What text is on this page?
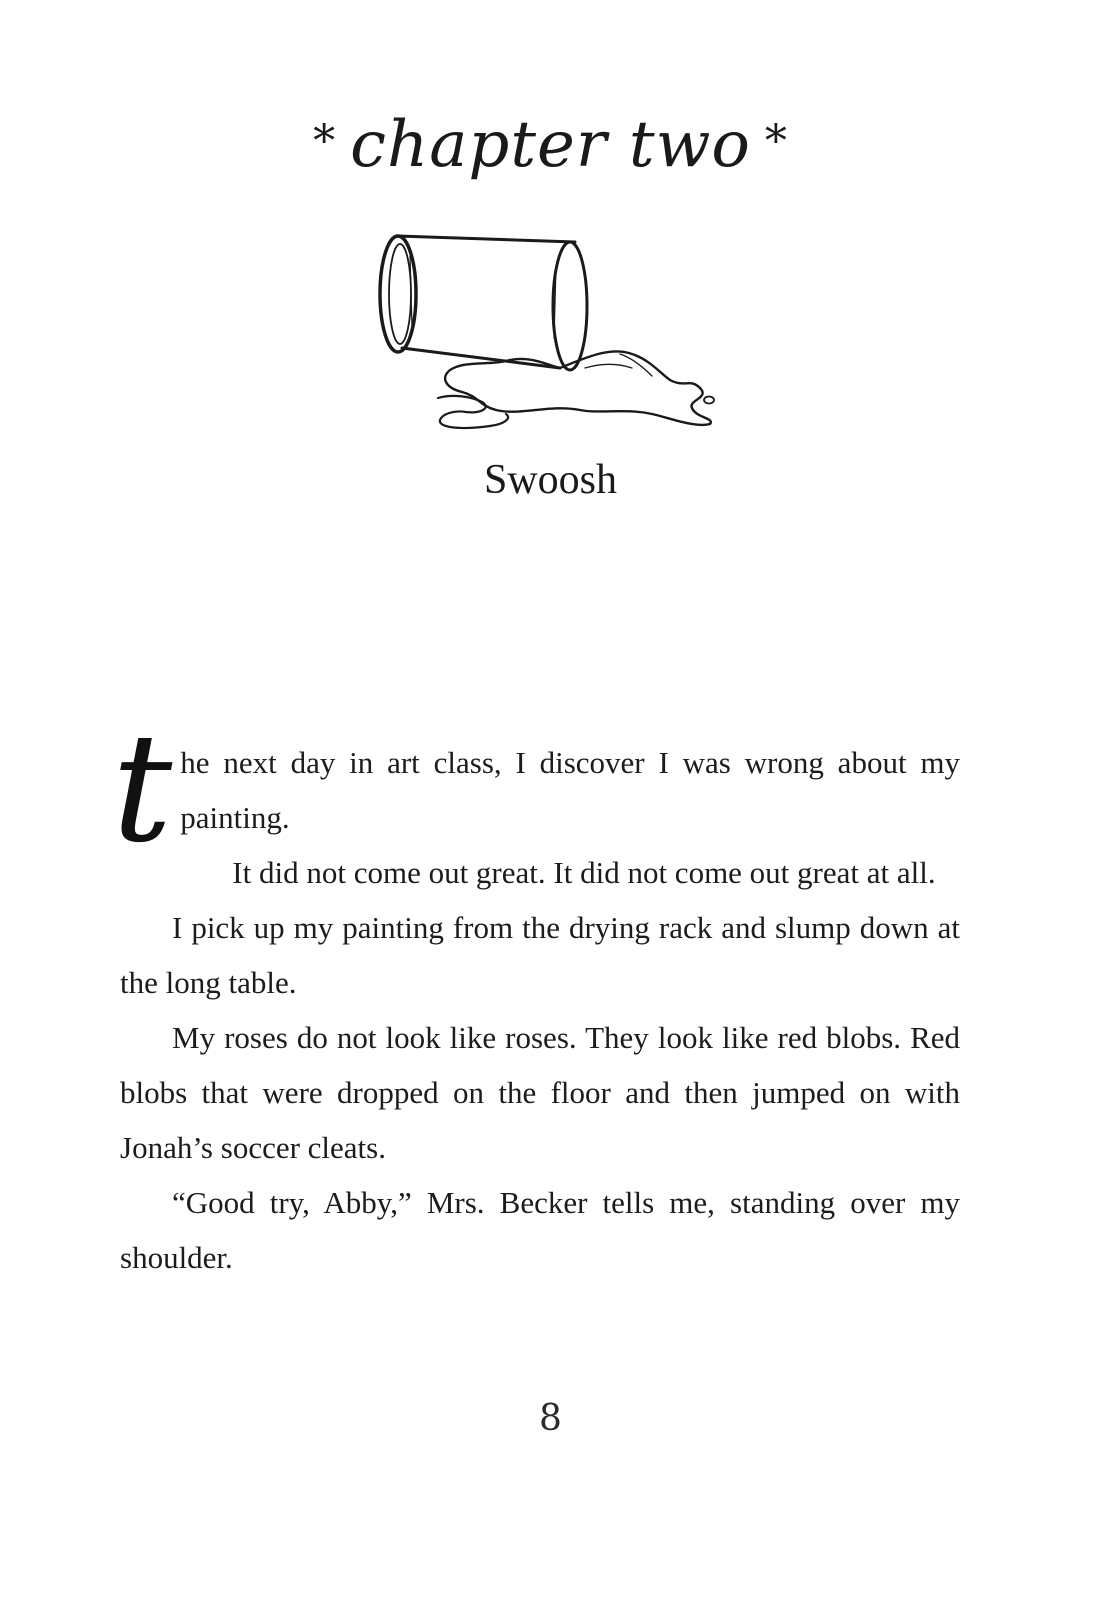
* chapter two *
Swoosh

the next day in art class, I discover I was wrong about my painting.

It did not come out great. It did not come out great at all.

I pick up my painting from the drying rack and slump down at the long table.

My roses do not look like roses. They look like red blobs. Red blobs that were dropped on the floor and then jumped on with Jonah’s soccer cleats.

“Good try, Abby,” Mrs. Becker tells me, standing over my shoulder.

8
